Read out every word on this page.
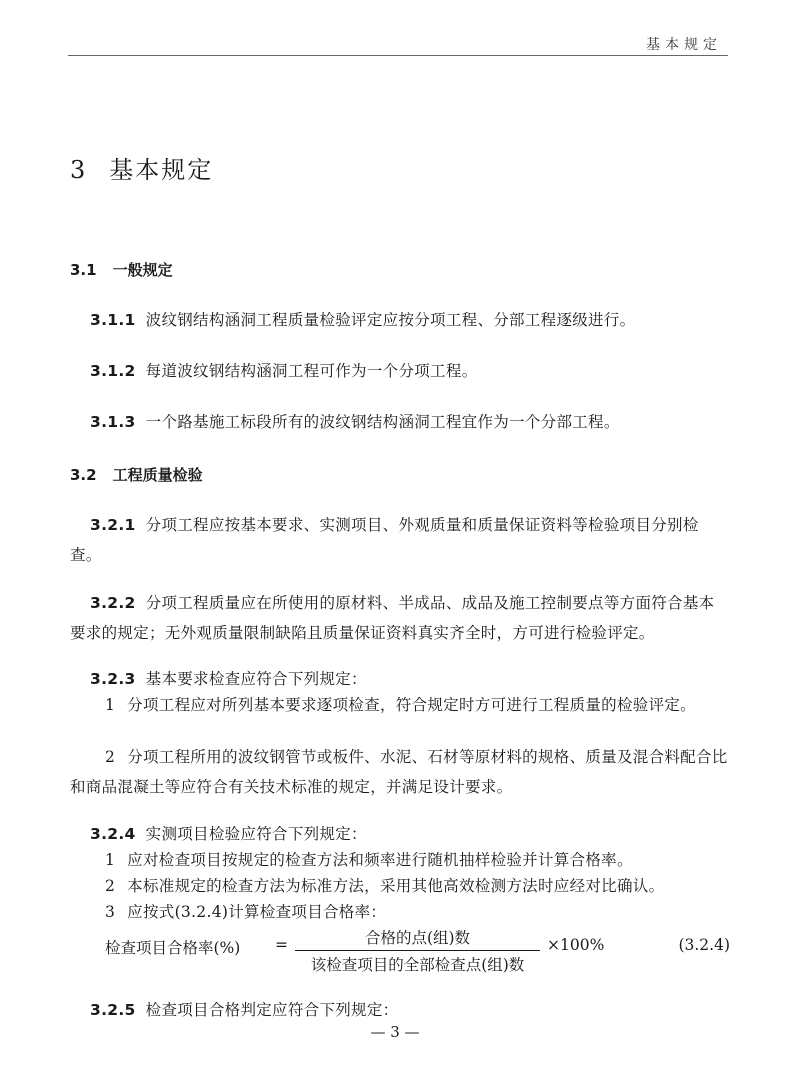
基本规定
3 基本规定
3.1 一般规定
3.1.1 波纹钢结构涵洞工程质量检验评定应按分项工程、分部工程逐级进行。
3.1.2 每道波纹钢结构涵洞工程可作为一个分项工程。
3.1.3 一个路基施工标段所有的波纹钢结构涵洞工程宜作为一个分部工程。
3.2 工程质量检验
3.2.1 分项工程应按基本要求、实测项目、外观质量和质量保证资料等检验项目分别检查。
3.2.2 分项工程质量应在所使用的原材料、半成品、成品及施工控制要点等方面符合基本要求的规定；无外观质量限制缺陷且质量保证资料真实齐全时，方可进行检验评定。
3.2.3 基本要求检查应符合下列规定：
1 分项工程应对所列基本要求逐项检查，符合规定时方可进行工程质量的检验评定。
2 分项工程所用的波纹钢管节或板件、水泥、石材等原材料的规格、质量及混合料配合比和商品混凝土等应符合有关技术标准的规定，并满足设计要求。
3.2.4 实测项目检验应符合下列规定：
1 应对检查项目按规定的检查方法和频率进行随机抽样检验并计算合格率。
2 本标准规定的检查方法为标准方法，采用其他高效检测方法时应经对比确认。
3 应按式(3.2.4)计算检查项目合格率：
检查项目合格率(%) =	合格的点(组)数
该检查项目的全部检查点(组)数
×100%	(3.2.4)
3.2.5 检查项目合格判定应符合下列规定：
— 3 —
